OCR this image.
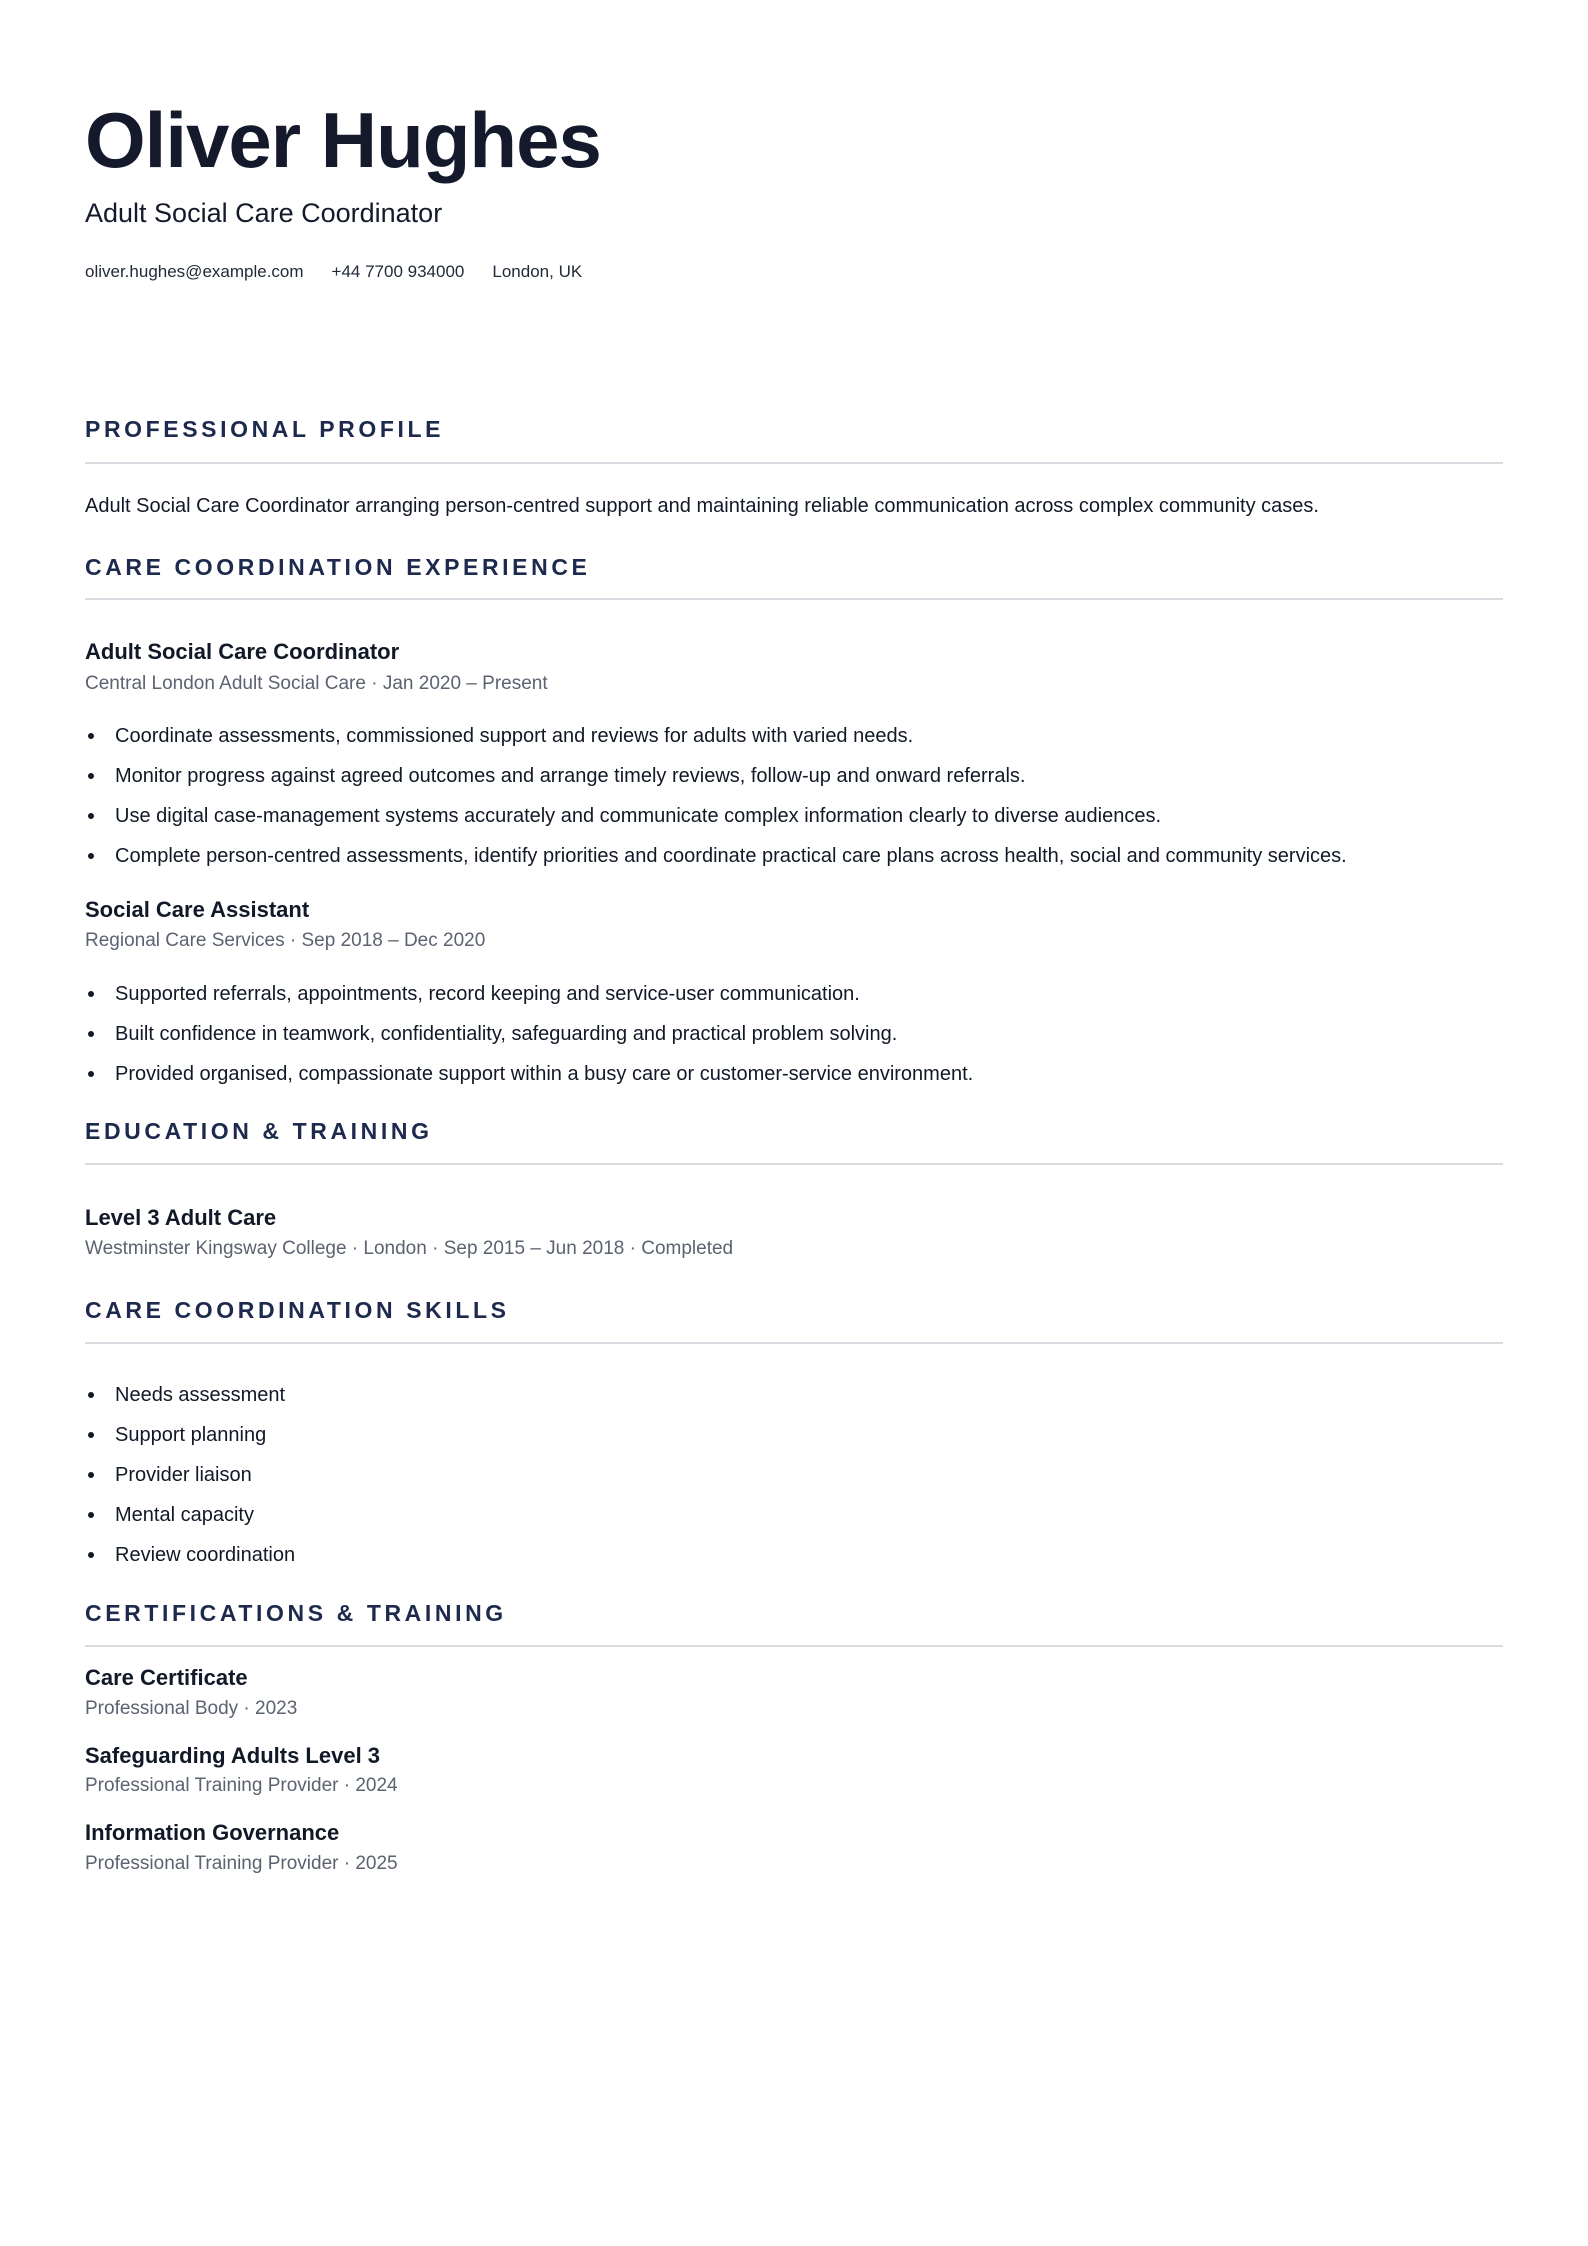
Oliver Hughes
Adult Social Care Coordinator
oliver.hughes@example.com +44 7700 934000 London, UK
PROFESSIONAL PROFILE
Adult Social Care Coordinator arranging person-centred support and maintaining reliable communication across complex community cases.
CARE COORDINATION EXPERIENCE
Adult Social Care Coordinator
Central London Adult Social Care · Jan 2020 – Present
Coordinate assessments, commissioned support and reviews for adults with varied needs.
Monitor progress against agreed outcomes and arrange timely reviews, follow-up and onward referrals.
Use digital case-management systems accurately and communicate complex information clearly to diverse audiences.
Complete person-centred assessments, identify priorities and coordinate practical care plans across health, social and community services.
Social Care Assistant
Regional Care Services · Sep 2018 – Dec 2020
Supported referrals, appointments, record keeping and service-user communication.
Built confidence in teamwork, confidentiality, safeguarding and practical problem solving.
Provided organised, compassionate support within a busy care or customer-service environment.
EDUCATION & TRAINING
Level 3 Adult Care
Westminster Kingsway College · London · Sep 2015 – Jun 2018 · Completed
CARE COORDINATION SKILLS
Needs assessment
Support planning
Provider liaison
Mental capacity
Review coordination
CERTIFICATIONS & TRAINING
Care Certificate
Professional Body · 2023
Safeguarding Adults Level 3
Professional Training Provider · 2024
Information Governance
Professional Training Provider · 2025
